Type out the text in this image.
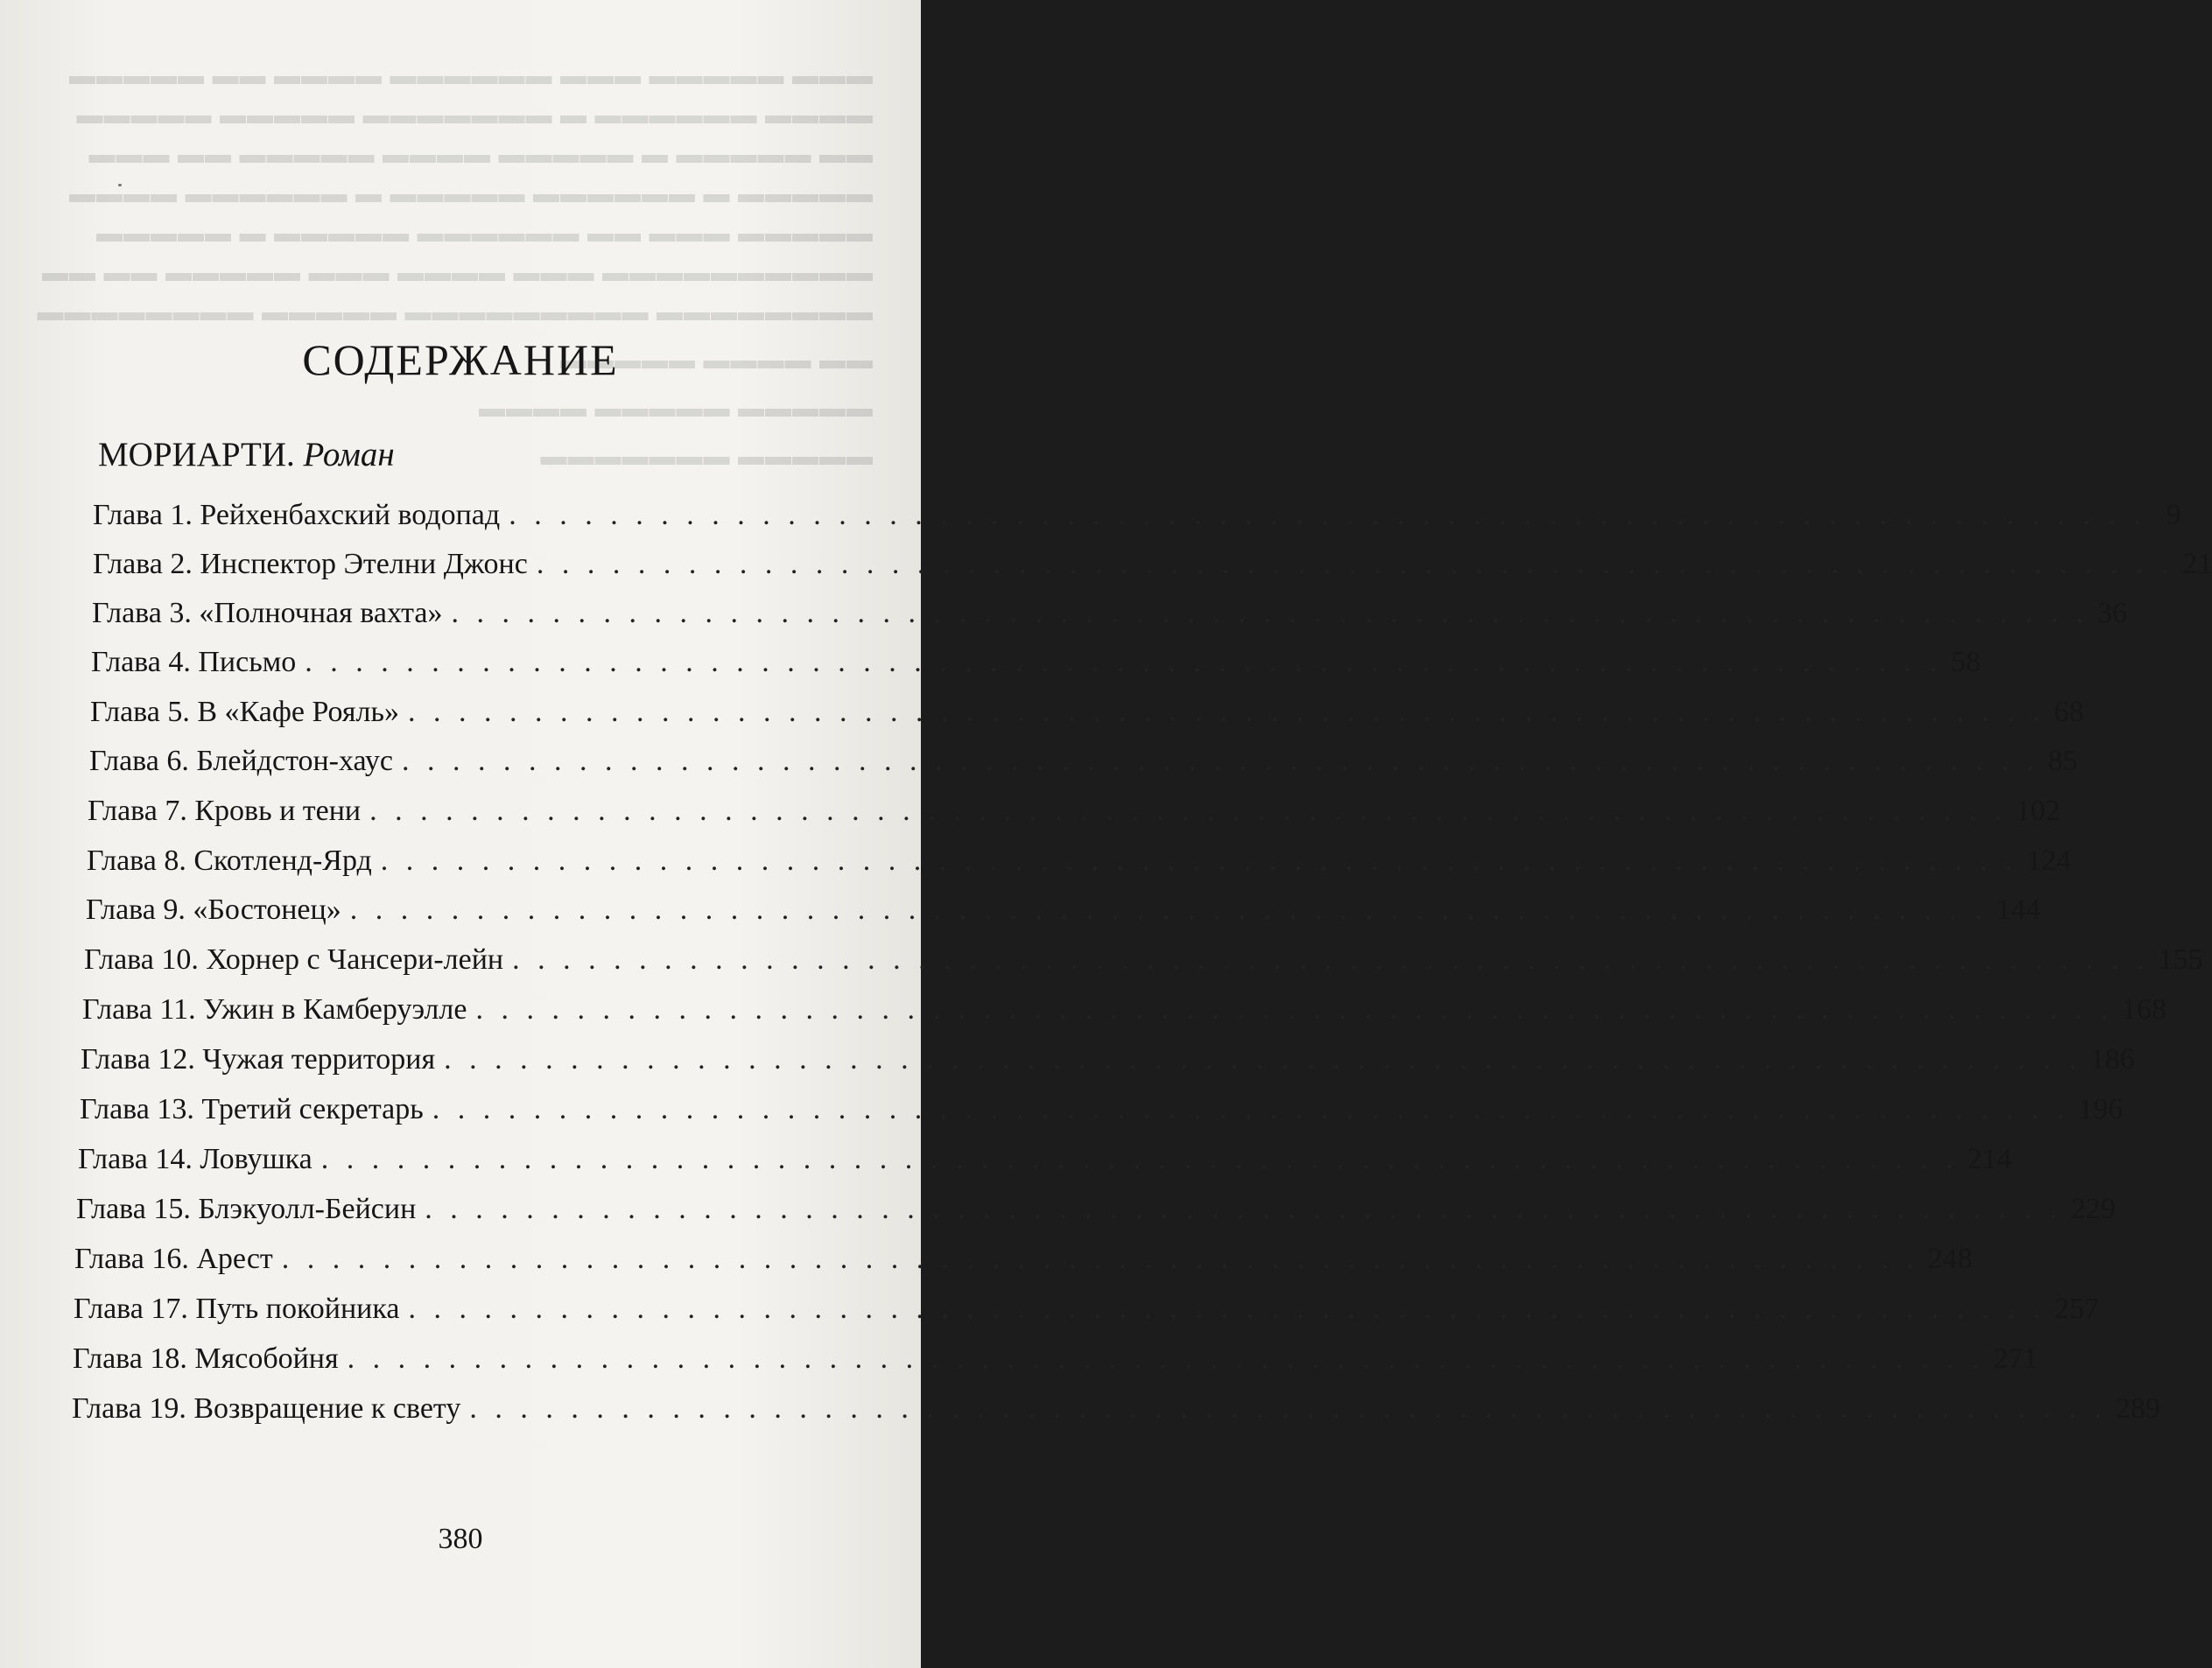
▬▬▬ ▬▬▬▬▬ ▬▬▬ ▬▬▬▬▬▬ ▬▬▬▬ ▬▬ ▬▬▬▬▬
▬▬▬▬ ▬▬▬▬▬▬ ▬ ▬▬▬▬▬▬▬ ▬▬▬▬▬ ▬▬▬▬▬
▬▬ ▬▬▬▬▬ ▬ ▬▬▬▬▬ ▬▬▬▬ ▬▬▬▬▬ ▬▬ ▬▬▬
▬▬▬▬▬ ▬ ▬▬▬▬▬▬ ▬▬▬▬▬ ▬ ▬▬▬▬▬▬ ▬▬▬▬
▬▬▬▬▬ ▬▬▬ ▬▬ ▬▬▬▬▬▬ ▬▬▬▬▬ ▬ ▬▬▬▬▬
▬▬▬▬▬▬▬▬▬▬ ▬▬▬ ▬▬▬▬ ▬▬▬ ▬▬▬▬▬ ▬▬ ▬▬
▬▬▬▬▬▬▬▬ ▬▬▬▬▬▬▬▬▬ ▬▬▬▬▬ ▬▬▬▬▬▬▬▬
▬▬ ▬▬▬▬ ▬▬▬▬▬
▬▬▬▬▬ ▬▬▬▬▬ ▬▬▬▬
▬▬▬▬▬ ▬▬▬▬▬▬▬
СОДЕРЖАНИЕ
МОРИАРТИ. Роман
Глава 1. Рейхенбахский водопад . . .	9
Глава 2. Инспектор Этелни Джонс . . .	21
Глава 3. «Полночная вахта» . . .	36
Глава 4. Письмо . . .	58
Глава 5. В «Кафе Рояль» . . .	68
Глава 6. Блейдстон-хаус . . .	85
Глава 7. Кровь и тени . . .	102
Глава 8. Скотленд-Ярд . . .	124
Глава 9. «Бостонец» . . .	144
Глава 10. Хорнер с Чансери-лейн . . .	155
Глава 11. Ужин в Камберуэлле . . .	168
Глава 12. Чужая территория . . .	186
Глава 13. Третий секретарь . . .	196
Глава 14. Ловушка . . .	214
Глава 15. Блэкуолл-Бейсин . . .	229
Глава 16. Арест . . .	248
Глава 17. Путь покойника . . .	257
Глава 18. Мясобойня . . .	271
Глава 19. Возвращение к свету . . .	289
380
